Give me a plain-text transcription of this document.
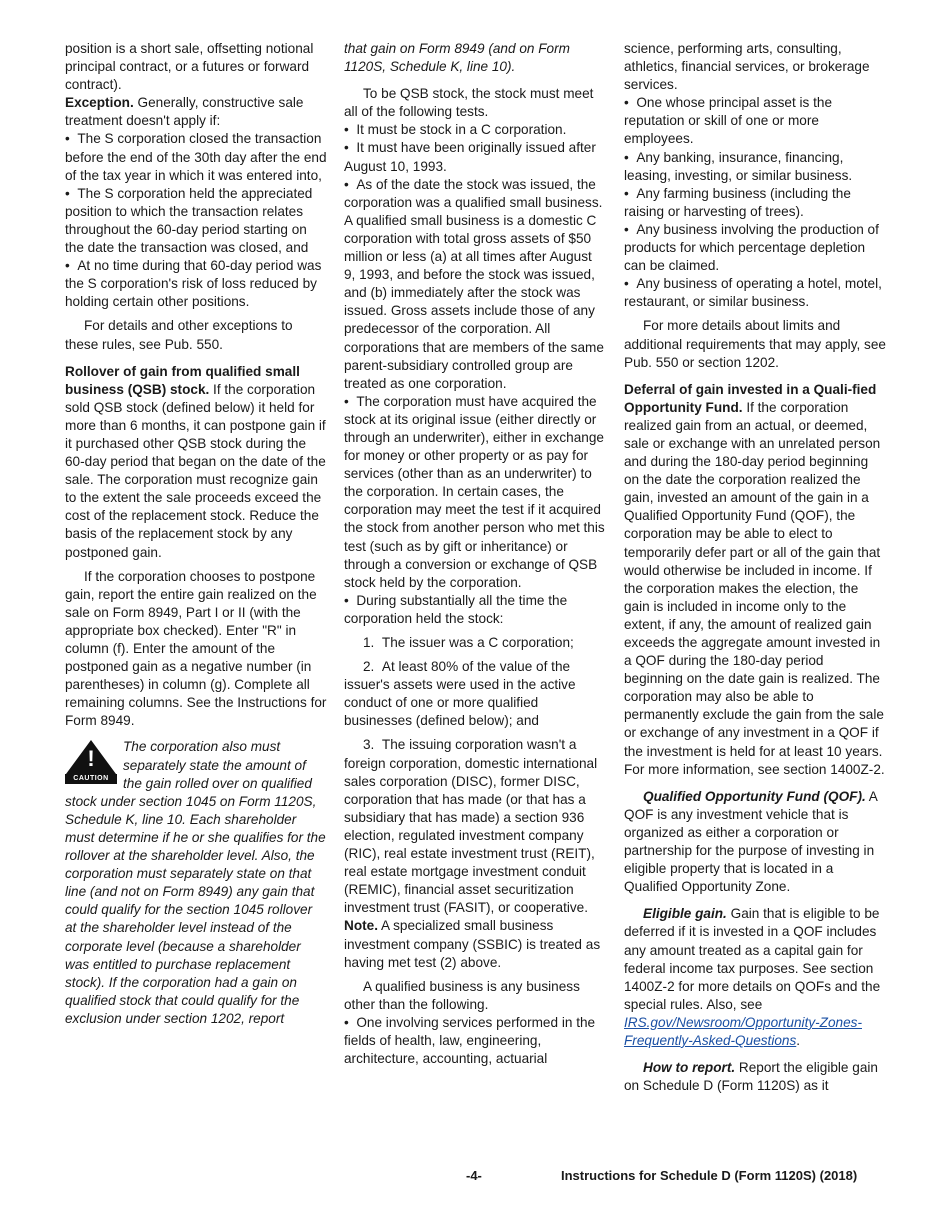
position is a short sale, offsetting notional principal contract, or a futures or forward contract).

Exception. Generally, constructive sale treatment doesn't apply if:

•  The S corporation closed the transaction before the end of the 30th day after the end of the tax year in which it was entered into,

•  The S corporation held the appreciated position to which the transaction relates throughout the 60-day period starting on the date the transaction was closed, and

•  At no time during that 60-day period was the S corporation's risk of loss reduced by holding certain other positions.

For details and other exceptions to these rules, see Pub. 550.

Rollover of gain from qualified small business (QSB) stock. If the corporation sold QSB stock (defined below) it held for more than 6 months, it can postpone gain if it purchased other QSB stock during the 60-day period that began on the date of the sale. The corporation must recognize gain to the extent the sale proceeds exceed the cost of the replacement stock. Reduce the basis of the replacement stock by any postponed gain.

If the corporation chooses to postpone gain, report the entire gain realized on the sale on Form 8949, Part I or II (with the appropriate box checked). Enter "R" in column (f). Enter the amount of the postponed gain as a negative number (in parentheses) in column (g). Complete all remaining columns. See the Instructions for Form 8949.

!
CAUTION

The corporation also must separately state the amount of the gain rolled over on qualified stock under section 1045 on Form 1120S, Schedule K, line 10. Each shareholder must determine if he or she qualifies for the rollover at the shareholder level. Also, the corporation must separately state on that line (and not on Form 8949) any gain that could qualify for the section 1045 rollover at the shareholder level instead of the corporate level (because a shareholder was entitled to purchase replacement stock). If the corporation had a gain on qualified stock that could qualify for the exclusion under section 1202, report

that gain on Form 8949 (and on Form 1120S, Schedule K, line 10).

To be QSB stock, the stock must meet all of the following tests.

•  It must be stock in a C corporation.

•  It must have been originally issued after August 10, 1993.

•  As of the date the stock was issued, the corporation was a qualified small business. A qualified small business is a domestic C corporation with total gross assets of $50 million or less (a) at all times after August 9, 1993, and before the stock was issued, and (b) immediately after the stock was issued. Gross assets include those of any predecessor of the corporation. All corporations that are members of the same parent-subsidiary controlled group are treated as one corporation.

•  The corporation must have acquired the stock at its original issue (either directly or through an underwriter), either in exchange for money or other property or as pay for services (other than as an underwriter) to the corporation. In certain cases, the corporation may meet the test if it acquired the stock from another person who met this test (such as by gift or inheritance) or through a conversion or exchange of QSB stock held by the corporation.

•  During substantially all the time the corporation held the stock:

1.  The issuer was a C corporation;

2.  At least 80% of the value of the issuer's assets were used in the active conduct of one or more qualified businesses (defined below); and

3.  The issuing corporation wasn't a foreign corporation, domestic international sales corporation (DISC), former DISC, corporation that has made (or that has a subsidiary that has made) a section 936 election, regulated investment company (RIC), real estate investment trust (REIT), real estate mortgage investment conduit (REMIC), financial asset securitization investment trust (FASIT), or cooperative.

Note. A specialized small business investment company (SSBIC) is treated as having met test (2) above.

A qualified business is any business other than the following.

•  One involving services performed in the fields of health, law, engineering, architecture, accounting, actuarial

science, performing arts, consulting, athletics, financial services, or brokerage services.

•  One whose principal asset is the reputation or skill of one or more employees.

•  Any banking, insurance, financing, leasing, investing, or similar business.

•  Any farming business (including the raising or harvesting of trees).

•  Any business involving the production of products for which percentage depletion can be claimed.

•  Any business of operating a hotel, motel, restaurant, or similar business.

For more details about limits and additional requirements that may apply, see Pub. 550 or section 1202.

Deferral of gain invested in a Quali-fied Opportunity Fund. If the corporation realized gain from an actual, or deemed, sale or exchange with an unrelated person and during the 180-day period beginning on the date the corporation realized the gain, invested an amount of the gain in a Qualified Opportunity Fund (QOF), the corporation may be able to elect to temporarily defer part or all of the gain that would otherwise be included in income. If the corporation makes the election, the gain is included in income only to the extent, if any, the amount of realized gain exceeds the aggregate amount invested in a QOF during the 180-day period beginning on the date gain is realized. The corporation may also be able to permanently exclude the gain from the sale or exchange of any investment in a QOF if the investment is held for at least 10 years. For more information, see section 1400Z-2.

Qualified Opportunity Fund (QOF). A QOF is any investment vehicle that is organized as either a corporation or partnership for the purpose of investing in eligible property that is located in a Qualified Opportunity Zone.

Eligible gain. Gain that is eligible to be deferred if it is invested in a QOF includes any amount treated as a capital gain for federal income tax purposes. See section 1400Z-2 for more details on QOFs and the special rules. Also, see IRS.gov/Newsroom/Opportunity-Zones-Frequently-Asked-Questions.

How to report. Report the eligible gain on Schedule D (Form 1120S) as it

-4-	Instructions for Schedule D (Form 1120S) (2018)
